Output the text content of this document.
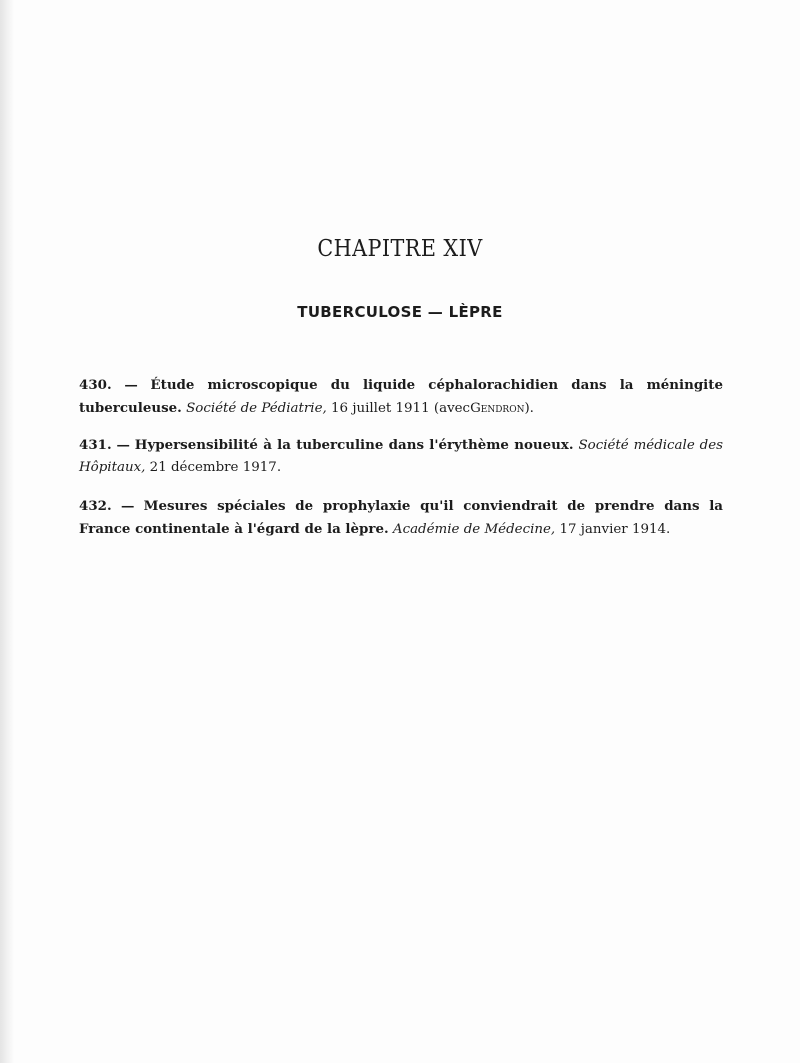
CHAPITRE XIV
TUBERCULOSE — LÈPRE
430. — Étude microscopique du liquide céphalorachidien dans la méningite tuberculeuse. Société de Pédiatrie, 16 juillet 1911 (avecGendron).
431. — Hypersensibilité à la tuberculine dans l'érythème noueux. Société médicale des Hôpitaux, 21 décembre 1917.
432. — Mesures spéciales de prophylaxie qu'il conviendrait de prendre dans la France continentale à l'égard de la lèpre. Académie de Médecine, 17 janvier 1914.
